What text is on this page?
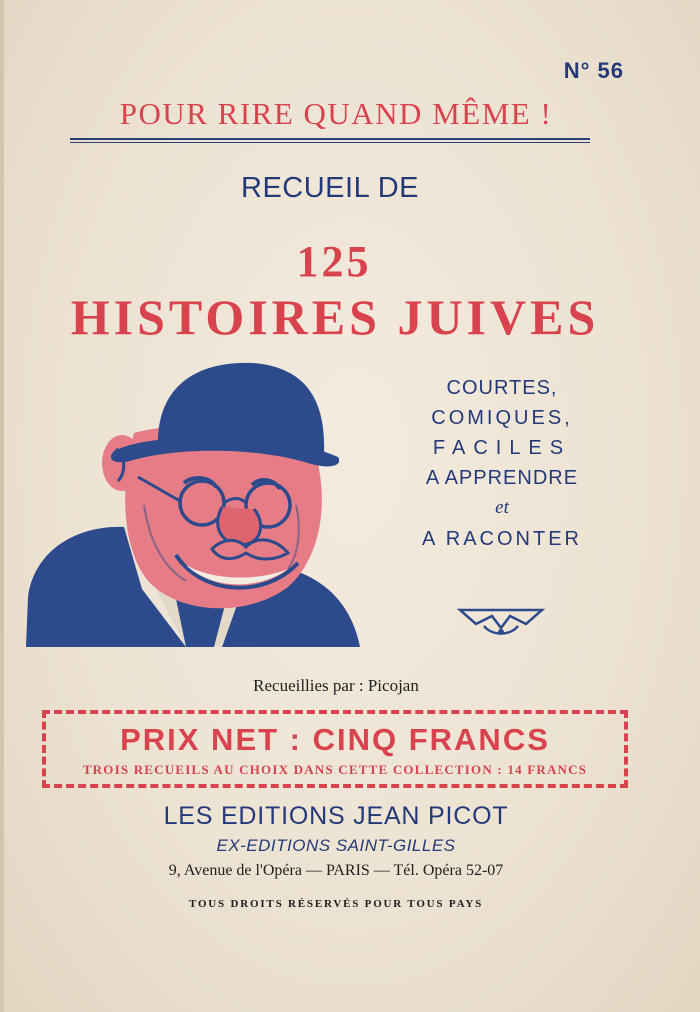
N° 56
POUR RIRE QUAND MÊME !
RECUEIL DE
125
HISTOIRES JUIVES
COURTES,
COMIQUES,
FACILES
A APPRENDRE
et
A RACONTER
Recueillies par : Picojan
PRIX NET : CINQ FRANCS
TROIS RECUEILS AU CHOIX DANS CETTE COLLECTION : 14 FRANCS
LES EDITIONS JEAN PICOT
EX-EDITIONS SAINT-GILLES
9, Avenue de l'Opéra — PARIS — Tél. Opéra 52-07
TOUS DROITS RÉSERVÉS POUR TOUS PAYS
